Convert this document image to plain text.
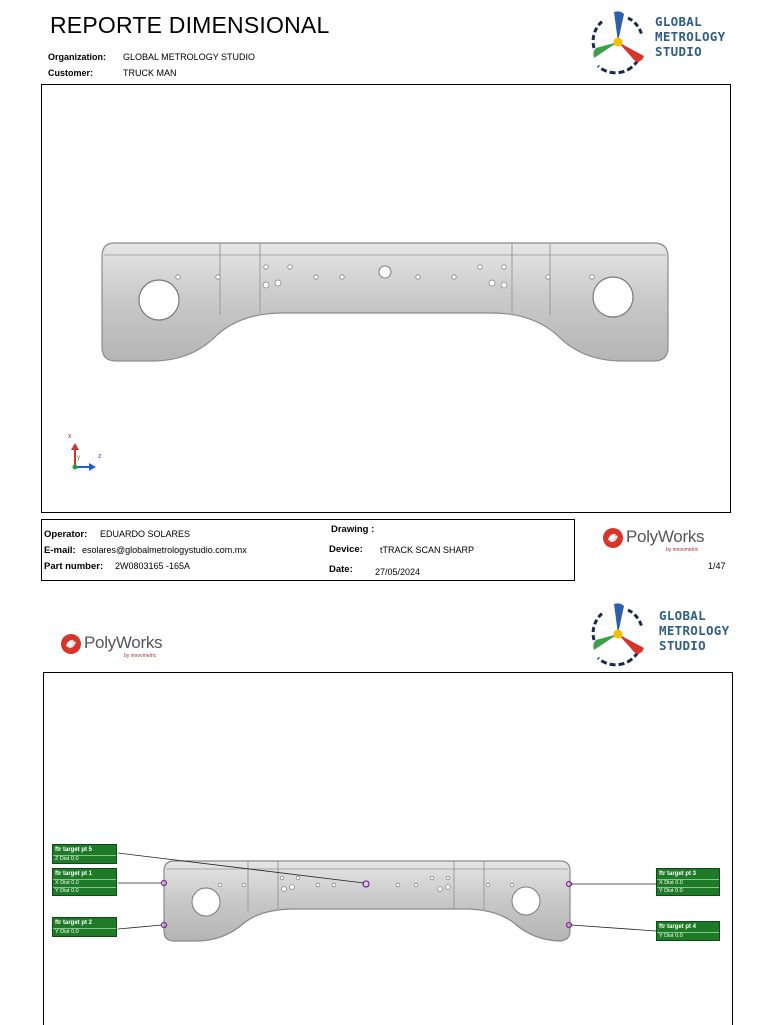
REPORTE DIMENSIONAL
Organization: GLOBAL METROLOGY STUDIO
Customer:	TRUCK MAN
GLOBAL
METROLOGY
STUDIO
x
y	z
Operator: EDUARDO SOLARES
E-mail: esolares@globalmetrologystudio.com.mx
Part number: 2W0803165 -165A
Drawing :
Device: tTRACK SCAN SHARP
Date: 27/05/2024
PolyWorks
by innovmetric
1/47
PolyWorks
by innovmetric
GLOBAL
METROLOGY
STUDIO
ftr target pt 5
Z Dist 0.0
ftr target pt 1
X Dist 0.0
Y Dist 0.0
ftr target pt 2
Y Dist 0.0
ftr target pt 3
X Dist 0.0
Y Dist 0.0
ftr target pt 4
Y Dist 0.0
